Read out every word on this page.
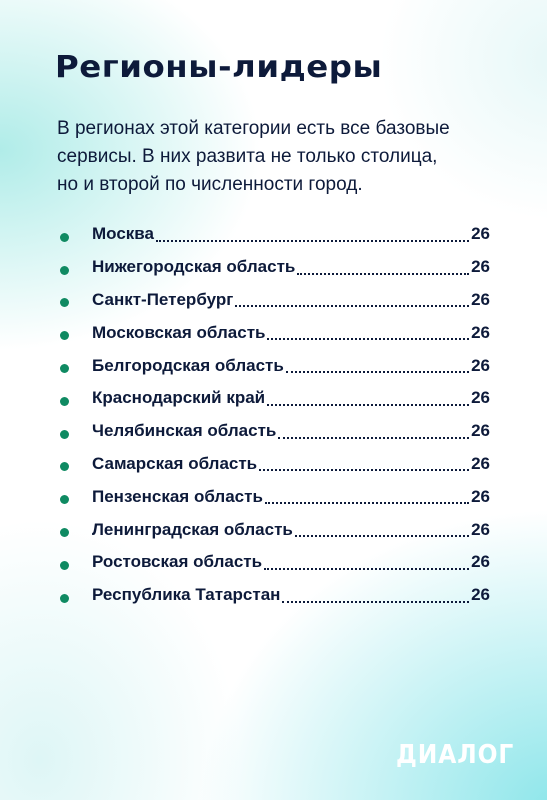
Регионы-лидеры
В регионах этой категории есть все базовые
сервисы. В них развита не только столица,
но и второй по численности город.
Москва	26
Нижегородская область	26
Санкт-Петербург	26
Московская область	26
Белгородская область	26
Краснодарский край	26
Челябинская область	26
Самарская область	26
Пензенская область	26
Ленинградская область	26
Ростовская область	26
Республика Татарстан	26
ДИАЛОГ
